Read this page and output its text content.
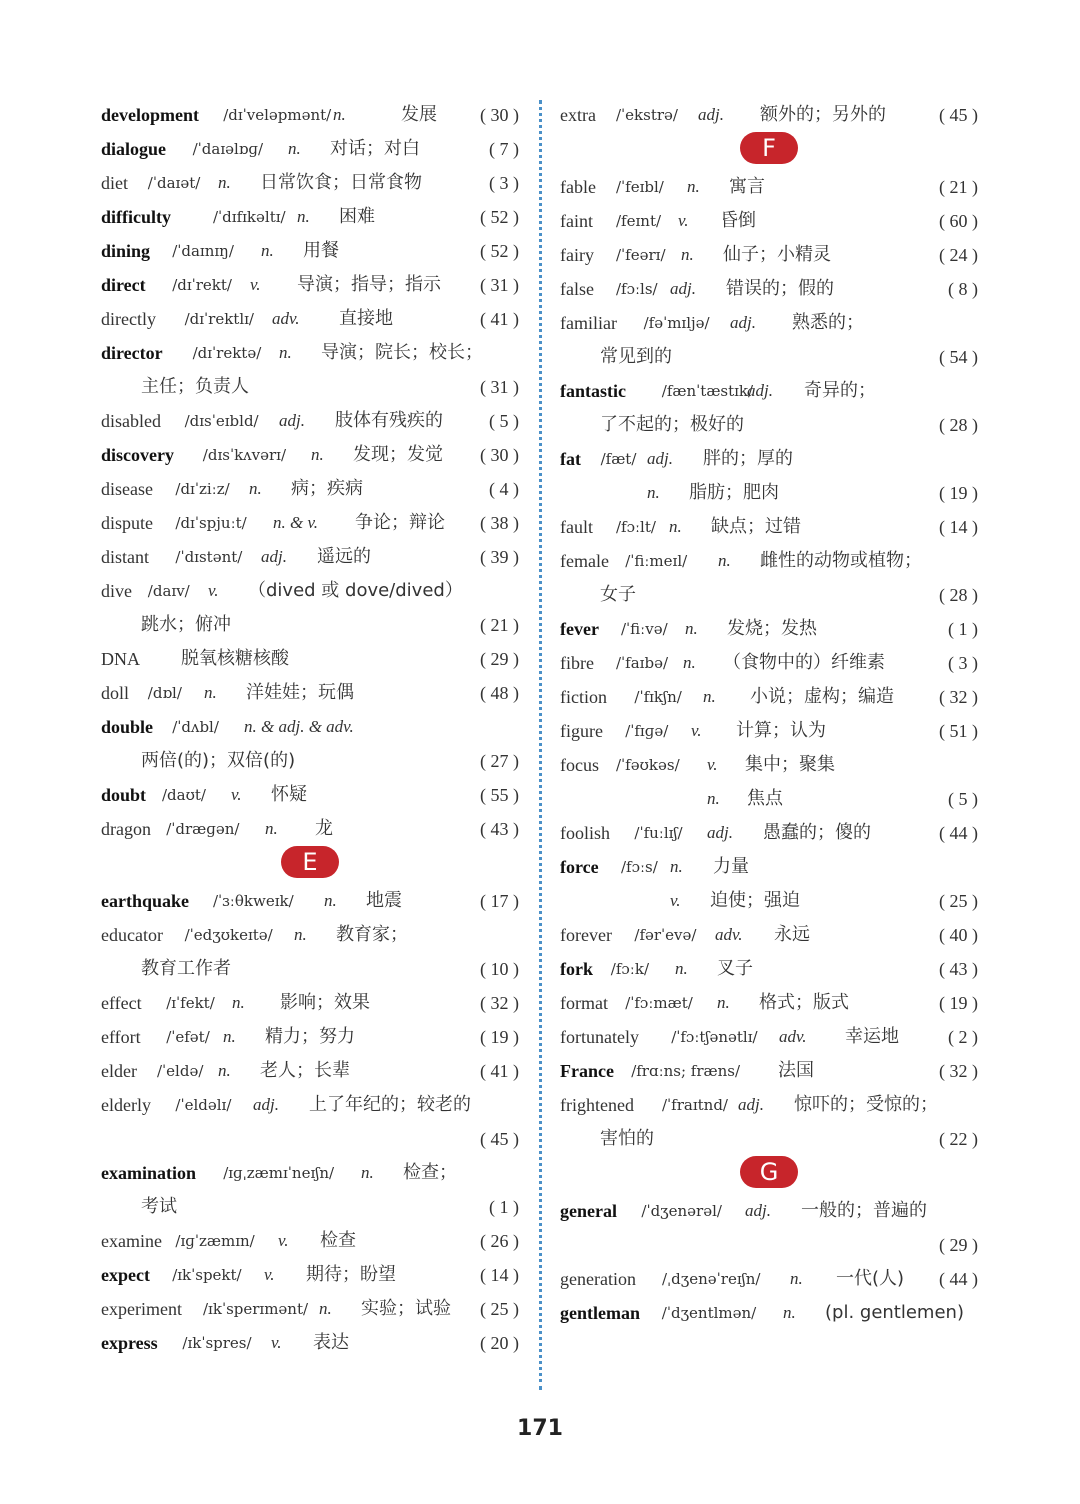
development /dɪˈveləpmənt/ n.	发展 ( 30 )
dialogue /ˈdaɪəlɒɡ/ n. 对话；对白	( 7 )
diet /ˈdaɪət/ n. 日常饮食；日常食物	( 3 )
difficulty	/ˈdɪfɪkəltɪ/ n. 困难	( 52 )
dining /ˈdaɪnɪŋ/ n. 用餐	( 52 )
direct /dɪˈrekt/ v. 导演；指导；指示 ( 31 )
directly /dɪˈrektlɪ/ adv. 直接地	( 41 )
director /dɪˈrektə/ n. 导演；院长；校长；
主任；负责人	( 31 )
disabled /dɪsˈeɪbld/ adj. 肢体有残疾的	( 5 )
discovery /dɪsˈkʌvərɪ/ n. 发现；发觉 ( 30 )
disease /dɪˈziːz/ n. 病；疾病	( 4 )
dispute /dɪˈspjuːt/ n. & v. 争论；辩论 ( 38 )
distant /ˈdɪstənt/ adj. 遥远的	( 39 )
dive /daɪv/ v. （dived 或 dove/dived）
跳水；俯冲	( 21 )
DNA 脱氧核糖核酸	( 29 )
doll /dɒl/ n. 洋娃娃；玩偶	( 48 )
double /ˈdʌbl/ n. & adj. & adv.
两倍(的)；双倍(的)	( 27 )
doubt /daʊt/ v. 怀疑	( 55 )
dragon /ˈdræɡən/ n. 龙	( 43 )
E
earthquake /ˈɜːθkweɪk/ n. 地震	( 17 )
educator /ˈedʒʊkeɪtə/ n. 教育家；
教育工作者	( 10 )
effect /ɪˈfekt/ n. 影响；效果	( 32 )
effort /ˈefət/ n. 精力；努力	( 19 )
elder /ˈeldə/ n. 老人；长辈	( 41 )
elderly /ˈeldəlɪ/ adj. 上了年纪的；较老的
( 45 )
examination /ɪɡˌzæmɪˈneɪʃn/ n. 检查；
考试	( 1 )
examine /ɪɡˈzæmɪn/ v. 检查	( 26 )
expect /ɪkˈspekt/ v. 期待；盼望	( 14 )
experiment /ɪkˈsperɪmənt/ n. 实验；试验 ( 25 )
express /ɪkˈspres/ v. 表达	( 20 )
extra /ˈekstrə/ adj. 额外的；另外的	( 45 )
F
fable /ˈfeɪbl/ n. 寓言	( 21 )
faint /feɪnt/ v. 昏倒	( 60 )
fairy /ˈfeərɪ/ n. 仙子；小精灵	( 24 )
false /fɔːls/ adj. 错误的；假的	( 8 )
familiar /fəˈmɪljə/ adj. 熟悉的；
常见到的	( 54 )
fantastic /fænˈtæstɪk/
adj. 奇异的；
了不起的；极好的	( 28 )
fat /fæt/ adj. 胖的；厚的
n. 脂肪；肥肉	( 19 )
fault /fɔːlt/ n. 缺点；过错	( 14 )
female /ˈfiːmeɪl/ n. 雌性的动物或植物；
女子	( 28 )
fever /ˈfiːvə/ n. 发烧；发热	( 1 )
fibre /ˈfaɪbə/ n. （食物中的）纤维素	( 3 )
fiction /ˈfɪkʃn/ n. 小说；虚构；编造	( 32 )
figure /ˈfɪɡə/ v. 计算；认为	( 51 )
focus /ˈfəʊkəs/ v. 集中；聚集
n. 焦点	( 5 )
foolish /ˈfuːlɪʃ/ adj. 愚蠢的；傻的	( 44 )
force /fɔːs/ n. 力量
v. 迫使；强迫	( 25 )
forever /fərˈevə/ adv. 永远	( 40 )
fork /fɔːk/ n. 叉子	( 43 )
format /ˈfɔːmæt/ n. 格式；版式	( 19 )
fortunately /ˈfɔːtʃənətlɪ/ adv. 幸运地	( 2 )
France /frɑːns; fræns/ 法国	( 32 )
frightened /ˈfraɪtnd/ adj. 惊吓的；受惊的；
害怕的	( 22 )
G
general /ˈdʒenərəl/ adj. 一般的；普遍的
( 29 )
generation /ˌdʒenəˈreɪʃn/ n. 一代(人) ( 44 )
gentleman /ˈdʒentlmən/ n. (pl. gentlemen)
171
